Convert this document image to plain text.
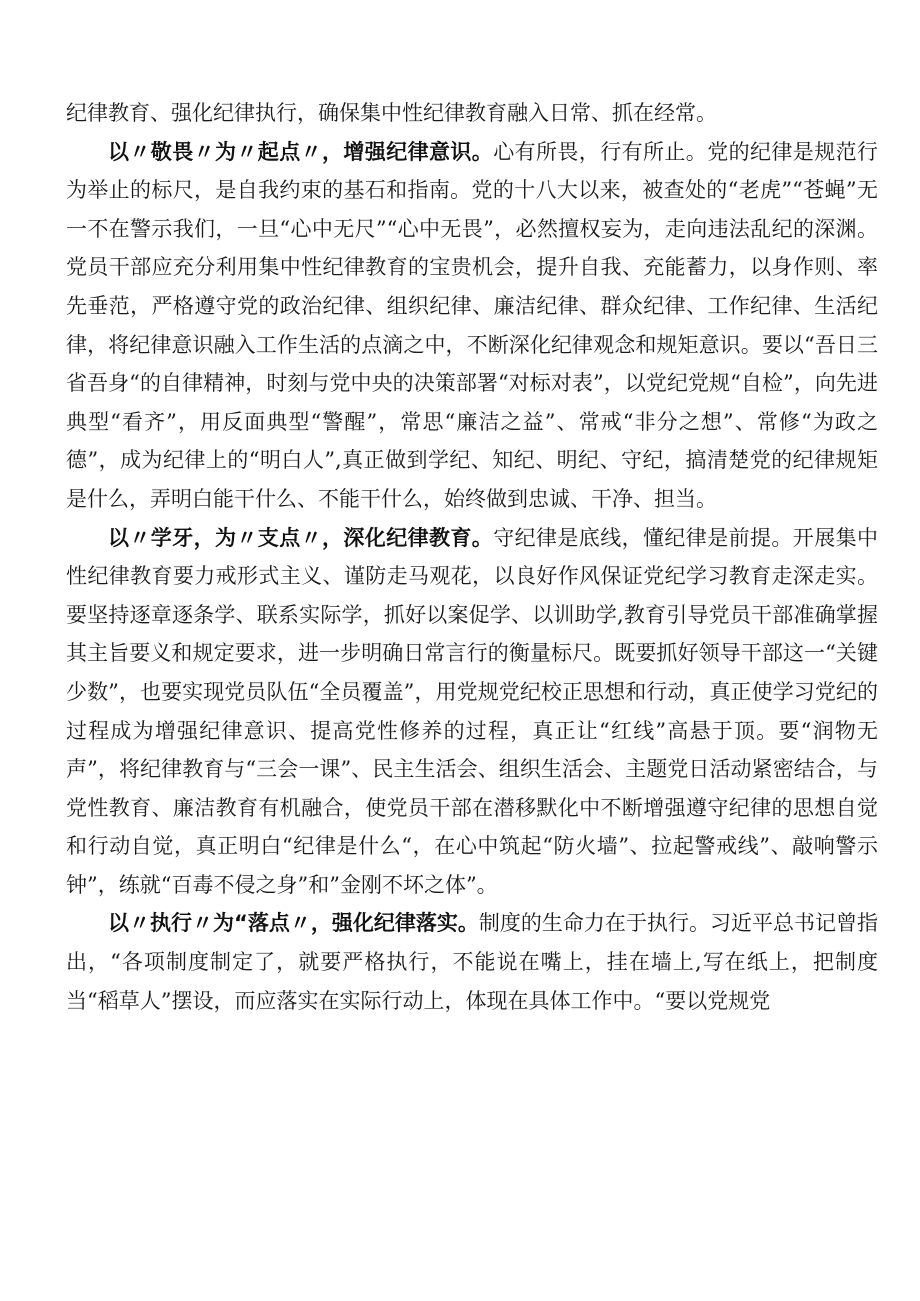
纪律教育、强化纪律执行，确保集中性纪律教育融入日常、抓在经常。

以〃敬畏〃为〃起点〃，增强纪律意识。心有所畏，行有所止。党的纪律是规范行为举止的标尺，是自我约束的基石和指南。党的十八大以来，被查处的“老虎”“苍蝇”无一不在警示我们，一旦“心中无尺”“心中无畏”，必然擅权妄为，走向违法乱纪的深渊。党员干部应充分利用集中性纪律教育的宝贵机会，提升自我、充能蓄力，以身作则、率先垂范，严格遵守党的政治纪律、组织纪律、廉洁纪律、群众纪律、工作纪律、生活纪律，将纪律意识融入工作生活的点滴之中，不断深化纪律观念和规矩意识。要以“吾日三省吾身“的自律精神，时刻与党中央的决策部署“对标对表”，以党纪党规“自检”，向先进典型“看齐”，用反面典型“警醒”，常思“廉洁之益”、常戒“非分之想”、常修“为政之德”，成为纪律上的“明白人”,真正做到学纪、知纪、明纪、守纪，搞清楚党的纪律规矩是什么，弄明白能干什么、不能干什么，始终做到忠诚、干净、担当。

以〃学牙，为〃支点〃，深化纪律教育。守纪律是底线，懂纪律是前提。开展集中性纪律教育要力戒形式主义、谨防走马观花，以良好作风保证党纪学习教育走深走实。要坚持逐章逐条学、联系实际学，抓好以案促学、以训助学,教育引导党员干部准确掌握其主旨要义和规定要求，进一步明确日常言行的衡量标尺。既要抓好领导干部这一“关键少数”，也要实现党员队伍“全员覆盖”，用党规党纪校正思想和行动，真正使学习党纪的过程成为增强纪律意识、提高党性修养的过程，真正让“红线”高悬于顶。要“润物无声”，将纪律教育与“三会一课”、民主生活会、组织生活会、主题党日活动紧密结合，与党性教育、廉洁教育有机融合，使党员干部在潜移默化中不断增强遵守纪律的思想自觉和行动自觉，真正明白“纪律是什么“，在心中筑起“防火墙”、拉起警戒线”、敲响警示钟”，练就“百毒不侵之身”和”金刚不坏之体”。

以〃执行〃为“落点〃，强化纪律落实。制度的生命力在于执行。习近平总书记曾指出，“各项制度制定了，就要严格执行，不能说在嘴上，挂在墙上,写在纸上，把制度当“稻草人”摆设，而应落实在实际行动上，体现在具体工作中。“要以党规党
